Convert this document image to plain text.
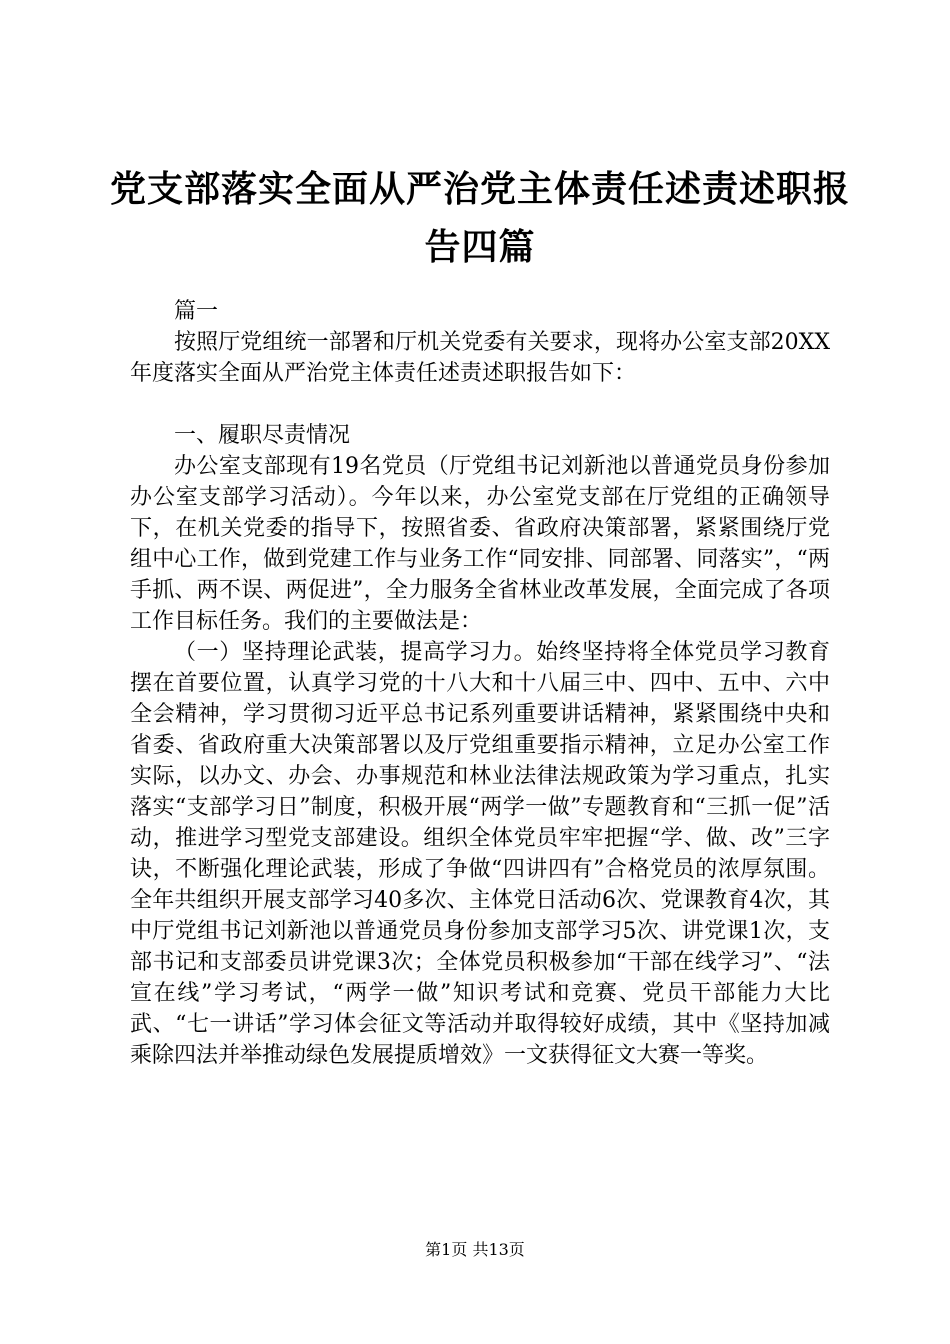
党支部落实全面从严治党主体责任述责述职报告四篇

篇一

按照厅党组统一部署和厅机关党委有关要求，现将办公室支部20XX年度落实全面从严治党主体责任述责述职报告如下：

一、履职尽责情况

办公室支部现有19名党员（厅党组书记刘新池以普通党员身份参加办公室支部学习活动）。今年以来，办公室党支部在厅党组的正确领导下，在机关党委的指导下，按照省委、省政府决策部署，紧紧围绕厅党组中心工作，做到党建工作与业务工作“同安排、同部署、同落实”，“两手抓、两不误、两促进”，全力服务全省林业改革发展，全面完成了各项工作目标任务。我们的主要做法是：

（一）坚持理论武装，提高学习力。始终坚持将全体党员学习教育摆在首要位置，认真学习党的十八大和十八届三中、四中、五中、六中全会精神，学习贯彻习近平总书记系列重要讲话精神，紧紧围绕中央和省委、省政府重大决策部署以及厅党组重要指示精神，立足办公室工作实际，以办文、办会、办事规范和林业法律法规政策为学习重点，扎实落实“支部学习日”制度，积极开展“两学一做”专题教育和“三抓一促”活动，推进学习型党支部建设。组织全体党员牢牢把握“学、做、改”三字诀，不断强化理论武装，形成了争做“四讲四有”合格党员的浓厚氛围。全年共组织开展支部学习40多次、主体党日活动6次、党课教育4次，其中厅党组书记刘新池以普通党员身份参加支部学习5次、讲党课1次，支部书记和支部委员讲党课3次；全体党员积极参加“干部在线学习”、“法宣在线”学习考试，“两学一做”知识考试和竞赛、党员干部能力大比武、“七一讲话”学习体会征文等活动并取得较好成绩，其中《坚持加减乘除四法并举推动绿色发展提质增效》一文获得征文大赛一等奖。

第1页 共13页
